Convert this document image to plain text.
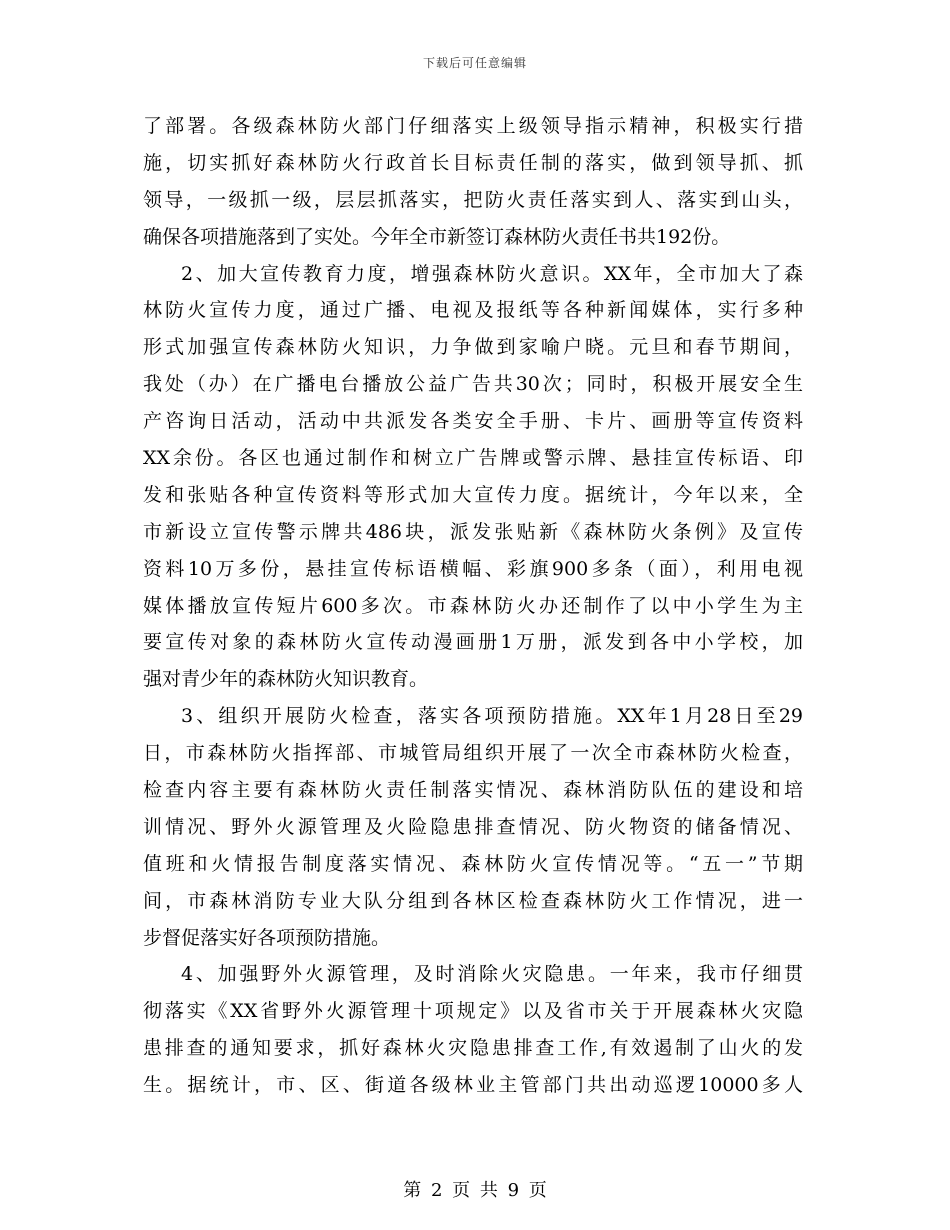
下载后可任意编辑
了部署。各级森林防火部门仔细落实上级领导指示精神，积极实行措
施，切实抓好森林防火行政首长目标责任制的落实，做到领导抓、抓
领导，一级抓一级，层层抓落实，把防火责任落实到人、落实到山头，
确保各项措施落到了实处。今年全市新签订森林防火责任书共192份。
2、加大宣传教育力度，增强森林防火意识。XX年，全市加大了森
林防火宣传力度，通过广播、电视及报纸等各种新闻媒体，实行多种
形式加强宣传森林防火知识，力争做到家喻户晓。元旦和春节期间，
我处（办）在广播电台播放公益广告共30次；同时，积极开展安全生
产咨询日活动，活动中共派发各类安全手册、卡片、画册等宣传资料
XX余份。各区也通过制作和树立广告牌或警示牌、悬挂宣传标语、印
发和张贴各种宣传资料等形式加大宣传力度。据统计，今年以来，全
市新设立宣传警示牌共486块，派发张贴新《森林防火条例》及宣传
资料10万多份，悬挂宣传标语横幅、彩旗900多条（面），利用电视
媒体播放宣传短片600多次。市森林防火办还制作了以中小学生为主
要宣传对象的森林防火宣传动漫画册1万册，派发到各中小学校，加
强对青少年的森林防火知识教育。
3、组织开展防火检查，落实各项预防措施。XX年1月28日至29
日，市森林防火指挥部、市城管局组织开展了一次全市森林防火检查，
检查内容主要有森林防火责任制落实情况、森林消防队伍的建设和培
训情况、野外火源管理及火险隐患排查情况、防火物资的储备情况、
值班和火情报告制度落实情况、森林防火宣传情况等。“五一”节期
间，市森林消防专业大队分组到各林区检查森林防火工作情况，进一
步督促落实好各项预防措施。
4、加强野外火源管理，及时消除火灾隐患。一年来，我市仔细贯
彻落实《XX省野外火源管理十项规定》以及省市关于开展森林火灾隐
患排查的通知要求，抓好森林火灾隐患排查工作,有效遏制了山火的发
生。据统计，市、区、街道各级林业主管部门共出动巡逻10000多人
第 2 页 共 9 页
